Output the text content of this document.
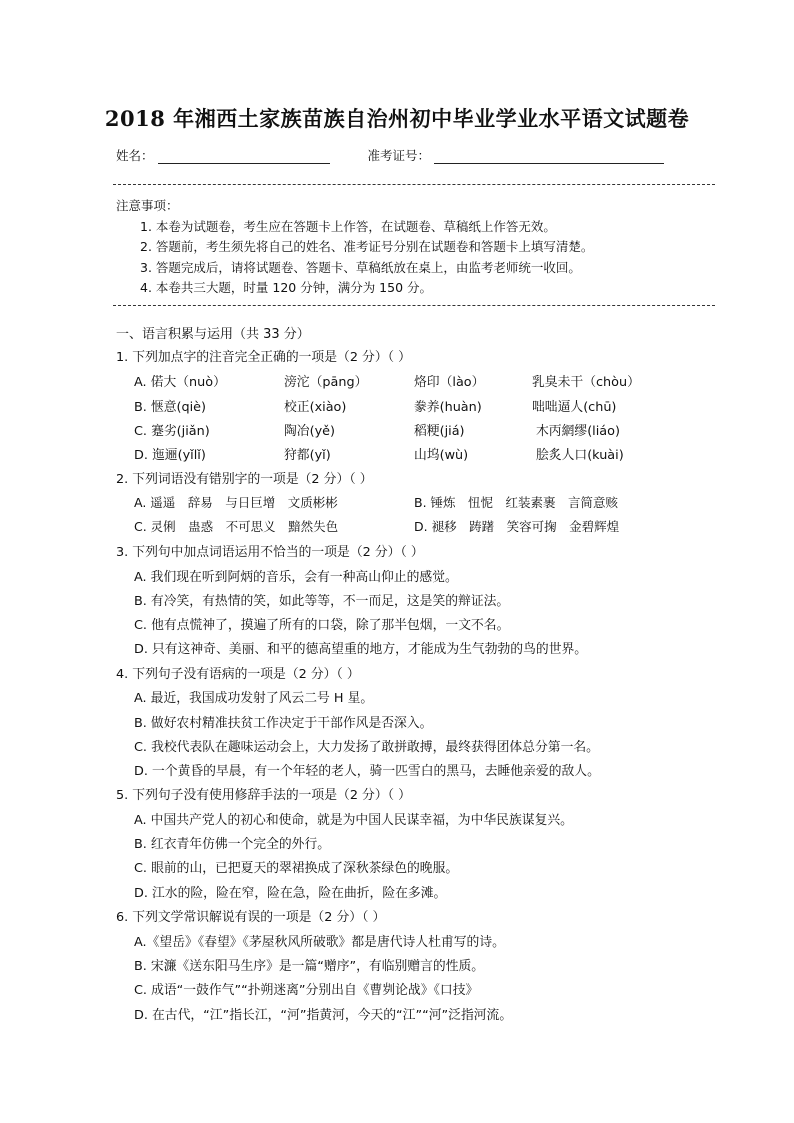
2018 年湘西土家族苗族自治州初中毕业学业水平语文试题卷
姓名：	准考证号：
注意事项：
1. 本卷为试题卷，考生应在答题卡上作答，在试题卷、草稿纸上作答无效。
2. 答题前，考生须先将自己的姓名、准考证号分别在试题卷和答题卡上填写清楚。
3. 答题完成后，请将试题卷、答题卡、草稿纸放在桌上，由监考老师统一收回。
4. 本卷共三大题，时量 120 分钟，满分为 150 分。
一、语言积累与运用（共 33 分）
1. 下列加点字的注音完全正确的一项是（2 分）（ ）
A. 偌大（nuò）	滂沱（pāng）	烙印（lào）	乳臭未干（chòu）
B. 惬意(qiè)	校正(xiào)	豢养(huàn)	咄咄逼人(chū)
C. 蹇劣(jiǎn)	陶冶(yě)	稻粳(jiá)	木丙網缪(liáo)
D. 迤逦(yǐlǐ)	狩都(yǐ)	山坞(wù)	脍炙人口(kuài)
2. 下列词语没有错别字的一项是（2 分）（ ）
A. 遥遥　辞易　与日巨增　文质彬彬	B. 锤炼　忸怩　红装素裹　言简意赅
C. 灵俐　蛊惑　不可思义　黯然失色	D. 褪移　踌躇　笑容可掬　金碧辉煌
3. 下列句中加点词语运用不恰当的一项是（2 分）（ ）
A. 我们现在听到阿炳的音乐，会有一种高山仰止的感觉。
B. 有冷笑，有热情的笑，如此等等，不一而足，这是笑的辩证法。
C. 他有点慌神了，摸遍了所有的口袋，除了那半包烟，一文不名。
D. 只有这神奇、美丽、和平的德高望重的地方，才能成为生气勃勃的鸟的世界。
4. 下列句子没有语病的一项是（2 分）（ ）
A. 最近，我国成功发射了风云二号 H 星。
B. 做好农村精准扶贫工作决定于干部作风是否深入。
C. 我校代表队在趣味运动会上，大力发扬了敢拼敢搏，最终获得团体总分第一名。
D. 一个黄昏的早晨，有一个年轻的老人，骑一匹雪白的黑马，去睡他亲爱的敌人。
5. 下列句子没有使用修辞手法的一项是（2 分）（ ）
A. 中国共产党人的初心和使命，就是为中国人民谋幸福，为中华民族谋复兴。
B. 红衣青年仿佛一个完全的外行。
C. 眼前的山，已把夏天的翠裙换成了深秋茶绿色的晚服。
D. 江水的险，险在窄，险在急，险在曲折，险在多滩。
6. 下列文学常识解说有误的一项是（2 分）（ ）
A.《望岳》《春望》《茅屋秋风所破歌》都是唐代诗人杜甫写的诗。
B. 宋濂《送东阳马生序》是一篇“赠序”，有临别赠言的性质。
C. 成语“一鼓作气”“扑朔迷离”分别出自《曹刿论战》《口技》
D. 在古代，“江”指长江，“河”指黄河，今天的“江”“河”泛指河流。
